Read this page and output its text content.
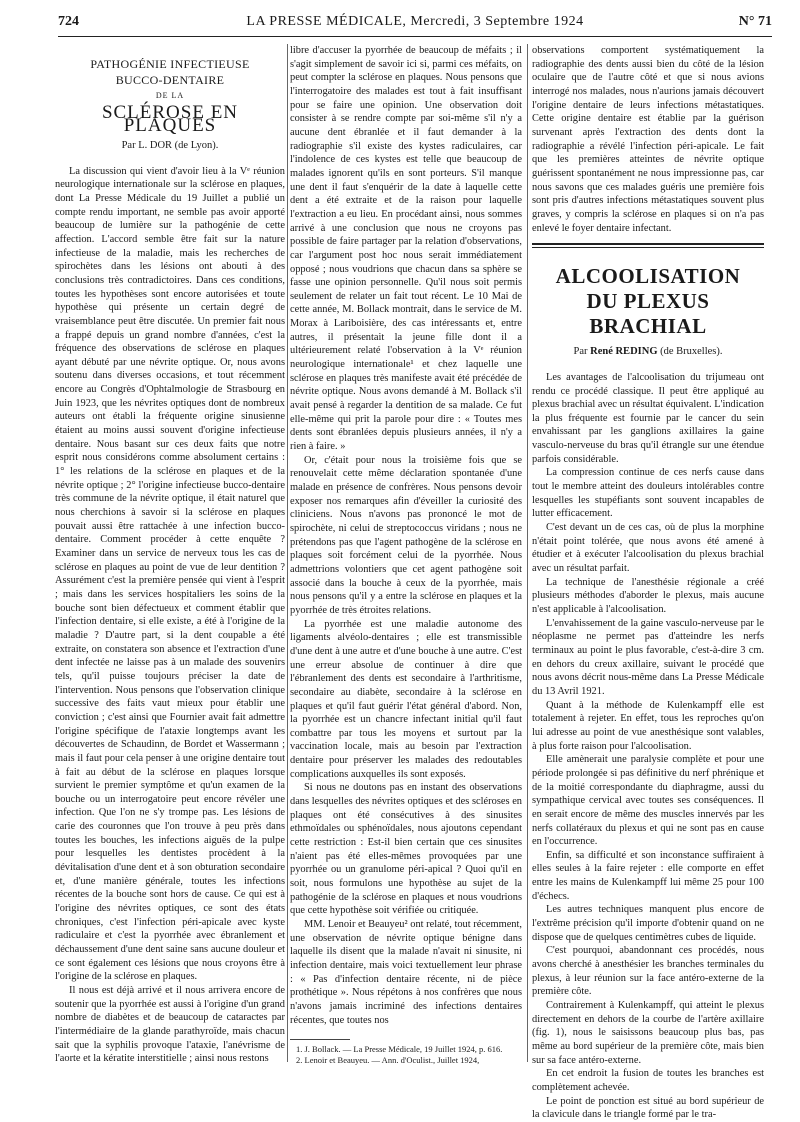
724	LA PRESSE MÉDICALE, Mercredi, 3 Septembre 1924	N° 71
PATHOGÉNIE INFECTIEUSE
BUCCO-DENTAIRE
DE LA
SCLÉROSE EN PLAQUES
Par L. DOR (de Lyon).

La discussion qui vient d'avoir lieu à la Vᵉ réunion neurologique internationale sur la sclérose en plaques, dont La Presse Médicale du 19 Juillet a publié un compte rendu important, ne semble pas avoir apporté beaucoup de lumière sur la pathogénie de cette affection. L'accord semble être fait sur la nature infectieuse de la maladie, mais les recherches de spirochètes dans les lésions ont abouti à des conclusions très contradictoires. Dans ces conditions, toutes les hypothèses sont encore autorisées et toute hypothèse qui présente un certain degré de vraisemblance peut être discutée. Un premier fait nous a frappé depuis un grand nombre d'années, c'est la fréquence des observations de sclérose en plaques ayant débuté par une névrite optique. Or, nous avons soutenu dans diverses occasions, et tout récemment encore au Congrès d'Ophtalmologie de Strasbourg en Juin 1923, que les névrites optiques dont de nombreux auteurs ont établi la fréquente origine sinusienne étaient au moins aussi souvent d'origine infectieuse dentaire. Nous basant sur ces deux faits que notre esprit nous considérons comme absolument certains : 1° les relations de la sclérose en plaques et de la névrite optique ; 2° l'origine infectieuse bucco-dentaire très commune de la névrite optique, il était naturel que nous cherchions à savoir si la sclérose en plaques pouvait aussi être rattachée à une infection bucco-dentaire. Comment procéder à cette enquête ? Examiner dans un service de nerveux tous les cas de sclérose en plaques au point de vue de leur dentition ? Assurément c'est la première pensée qui vient à l'esprit ; mais dans les services hospitaliers les soins de la bouche sont bien défectueux et comment établir que l'infection dentaire, si elle existe, a été à l'origine de la maladie ? D'autre part, si la dent coupable a été extraite, on constatera son absence et l'extraction d'une dent infectée ne laisse pas à un malade des souvenirs tels, qu'il puisse toujours préciser la date de l'intervention. Nous pensons que l'observation clinique successive des faits vaut mieux pour établir une conviction ; c'est ainsi que Fournier avait fait admettre l'origine spécifique de l'ataxie longtemps avant les découvertes de Schaudinn, de Bordet et Wassermann ; mais il faut pour cela penser à une origine dentaire tout à fait au début de la sclérose en plaques lorsque survient le premier symptôme et qu'un examen de la bouche ou un interrogatoire peut encore révéler une infection. Que l'on ne s'y trompe pas. Les lésions de carie des couronnes que l'on trouve à peu près dans toutes les bouches, les infections aiguës de la pulpe pour lesquelles les dentistes procèdent à la dévitalisation d'une dent et à son obturation secondaire et, d'une manière générale, toutes les infections récentes de la bouche sont hors de cause. Ce qui est à l'origine des névrites optiques, ce sont des états chroniques, c'est l'infection péri-apicale avec kyste radiculaire et c'est la pyorrhée avec ébranlement et déchaussement d'une dent saine sans aucune douleur et ce sont également ces lésions que nous croyons être à l'origine de la sclérose en plaques.

Il nous est déjà arrivé et il nous arrivera encore de soutenir que la pyorrhée est aussi à l'origine d'un grand nombre de diabètes et de beaucoup de cataractes par l'intermédiaire de la glande parathyroïde, mais chacun sait que la syphilis provoque l'ataxie, l'anévrisme de l'aorte et la kératite interstitielle ; ainsi nous restons

libre d'accuser la pyorrhée de beaucoup de méfaits ; il s'agit simplement de savoir ici si, parmi ces méfaits, on peut compter la sclérose en plaques. Nous pensons que l'interrogatoire des malades est tout à fait insuffisant pour se faire une opinion. Une observation doit consister à se rendre compte par soi-même s'il n'y a aucune dent ébranlée et il faut demander à la radiographie s'il existe des kystes radiculaires, car l'indolence de ces kystes est telle que beaucoup de malades ignorent qu'ils en sont porteurs. S'il manque une dent il faut s'enquérir de la date à laquelle cette dent a été extraite et de la raison pour laquelle l'extraction a eu lieu. En procédant ainsi, nous sommes arrivé à une conclusion que nous ne croyons pas possible de faire partager par la relation d'observations, car l'argument post hoc nous serait immédiatement opposé ; nous voudrions que chacun dans sa sphère se fasse une opinion personnelle. Qu'il nous soit permis seulement de relater un fait tout récent. Le 10 Mai de cette année, M. Bollack montrait, dans le service de M. Morax à Lariboisière, des cas intéressants et, entre autres, il présentait la jeune fille dont il a ultérieurement relaté l'observation à la Vᵉ réunion neurologique internationale¹ et chez laquelle une sclérose en plaques très manifeste avait été précédée de névrite optique. Nous avons demandé à M. Bollack s'il avait pensé à regarder la dentition de sa malade. Ce fut elle-même qui prit la parole pour dire : « Toutes mes dents sont ébranlées depuis plusieurs années, il n'y a rien à faire. »

Or, c'était pour nous la troisième fois que se renouvelait cette même déclaration spontanée d'une malade en présence de confrères. Nous pensons devoir exposer nos remarques afin d'éveiller la curiosité des cliniciens. Nous n'avons pas prononcé le mot de spirochète, ni celui de streptococcus viridans ; nous ne prétendons pas que l'agent pathogène de la sclérose en plaques soit forcément celui de la pyorrhée. Nous admettrions volontiers que cet agent pathogène soit associé dans la bouche à ceux de la pyorrhée, mais nous pensons qu'il y a entre la sclérose en plaques et la pyorrhée de très étroites relations.

La pyorrhée est une maladie autonome des ligaments alvéolo-dentaires ; elle est transmissible d'une dent à une autre et d'une bouche à une autre. C'est une erreur absolue de continuer à dire que l'ébranlement des dents est secondaire à l'arthritisme, secondaire au diabète, secondaire à la sclérose en plaques et qu'il faut guérir l'état général d'abord. Non, la pyorrhée est un chancre infectant initial qu'il faut combattre par tous les moyens et surtout par la vaccination locale, mais au besoin par l'extraction dentaire pour préserver les malades des redoutables complications auxquelles ils sont exposés.

Si nous ne doutons pas en instant des observations dans lesquelles des névrites optiques et des scléroses en plaques ont été consécutives à des sinusites ethmoïdales ou sphénoïdales, nous ajoutons cependant cette restriction : Est-il bien certain que ces sinusites n'aient pas été elles-mêmes provoquées par une pyorrhée ou un granulome péri-apical ? Quoi qu'il en soit, nous formulons une hypothèse au sujet de la pathogénie de la sclérose en plaques et nous voudrions que cette hypothèse soit vérifiée ou critiquée.

MM. Lenoir et Beauyeu² ont relaté, tout récemment, une observation de névrite optique bénigne dans laquelle ils disent que la malade n'avait ni sinusite, ni infection dentaire, mais voici textuellement leur phrase : « Pas d'infection dentaire récente, ni de pièce prothétique ». Nous répétons à nos confrères que nous n'avons jamais incriminé des infections dentaires récentes, que toutes nos

1. J. Bollack. — La Presse Médicale, 19 Juillet 1924, p. 616.
2. Lenoir et Beauyeu. — Ann. d'Oculist., Juillet 1924,

observations comportent systématiquement la radiographie des dents aussi bien du côté de la lésion oculaire que de l'autre côté et que si nous avions interrogé nos malades, nous n'aurions jamais découvert l'origine dentaire de leurs infections métastatiques. Cette origine dentaire est établie par la guérison survenant après l'extraction des dents dont la radiographie a révélé l'infection péri-apicale. Le fait que les premières atteintes de névrite optique guérissent spontanément ne nous impressionne pas, car nous savons que ces malades guéris une première fois sont pris d'autres infections métastatiques souvent plus graves, y compris la sclérose en plaques si on n'a pas enlevé le foyer dentaire infectant.

ALCOOLISATION
DU PLEXUS BRACHIAL
Par René REDING (de Bruxelles).

Les avantages de l'alcoolisation du trijumeau ont rendu ce procédé classique. Il peut être appliqué au plexus brachial avec un résultat équivalent. L'indication la plus fréquente est fournie par le cancer du sein envahissant par les ganglions axillaires la gaine vasculo-nerveuse du bras qu'il étrangle sur une étendue parfois considérable.

La compression continue de ces nerfs cause dans tout le membre atteint des douleurs intolérables contre lesquelles les stupéfiants sont souvent incapables de lutter efficacement.

C'est devant un de ces cas, où de plus la morphine n'était point tolérée, que nous avons été amené à étudier et à exécuter l'alcoolisation du plexus brachial avec un résultat parfait.

La technique de l'anesthésie régionale a créé plusieurs méthodes d'aborder le plexus, mais aucune n'est applicable à l'alcoolisation.

L'envahissement de la gaine vasculo-nerveuse par le néoplasme ne permet pas d'atteindre les nerfs terminaux au point le plus favorable, c'est-à-dire 3 cm. en dehors du creux axillaire, suivant le procédé que nous avons décrit nous-même dans La Presse Médicale du 13 Avril 1921.

Quant à la méthode de Kulenkampff elle est totalement à rejeter. En effet, tous les reproches qu'on lui adresse au point de vue anesthésique sont valables, à plus forte raison pour l'alcoolisation.

Elle amènerait une paralysie complète et pour une période prolongée si pas définitive du nerf phrénique et de la moitié correspondante du diaphragme, aussi du sympathique cervical avec toutes ses conséquences. Il en serait encore de même des muscles innervés par les nerfs collatéraux du plexus et qui ne sont pas en cause en l'occurrence.

Enfin, sa difficulté et son inconstance suffiraient à elles seules à la faire rejeter : elle comporte en effet entre les mains de Kulenkampff lui même 25 pour 100 d'échecs.

Les autres techniques manquent plus encore de l'extrême précision qu'il importe d'obtenir quand on ne dispose que de quelques centimètres cubes de liquide.

C'est pourquoi, abandonnant ces procédés, nous avons cherché à anesthésier les branches terminales du plexus, à leur réunion sur la face antéro-externe de la première côte.

Contrairement à Kulenkampff, qui atteint le plexus directement en dehors de la courbe de l'artère axillaire (fig. 1), nous le saisissons beaucoup plus bas, pas même au bord supérieur de la première côte, mais bien sur sa face antéro-externe.

En cet endroit la fusion de toutes les branches est complètement achevée.

Le point de ponction est situé au bord supérieur de la clavicule dans le triangle formé par le tra-
